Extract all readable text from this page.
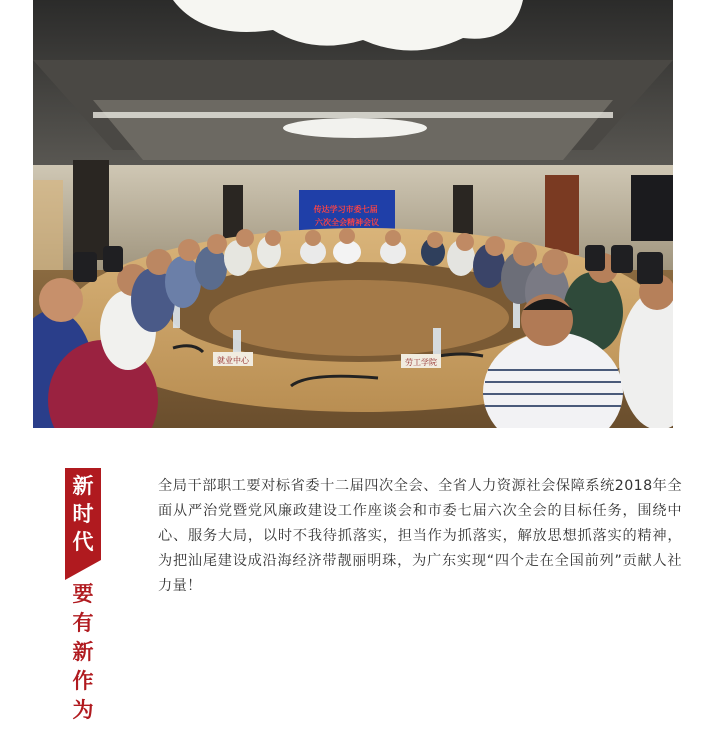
传达学习市委七届 六次全会精神会议
就业中心	劳工学院
新
时
代
要
有
新
作
为

全局干部职工要对标省委十二届四次全会、全省人力资源社会保障系统2018年全面从严治党暨党风廉政建设工作座谈会和市委七届六次全会的目标任务，围绕中心、服务大局，以时不我待抓落实，担当作为抓落实，解放思想抓落实的精神，为把汕尾建设成沿海经济带靓丽明珠，为广东实现“四个走在全国前列”贡献人社力量！
